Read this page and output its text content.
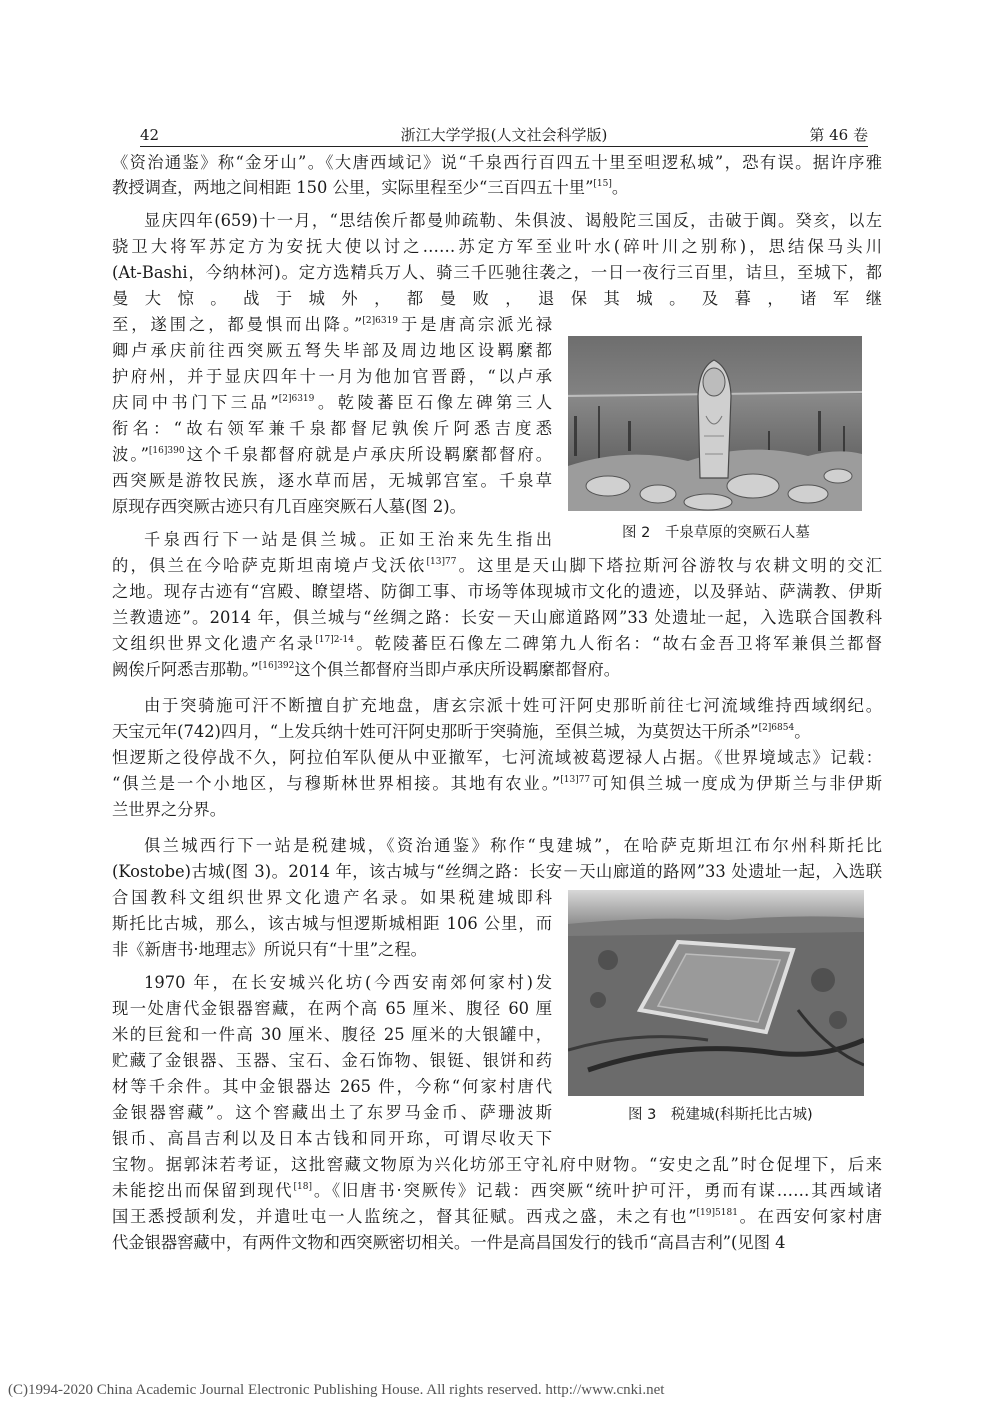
42	浙江大学学报(人文社会科学版)	第 46 卷
《资治通鉴》称“金牙山”。《大唐西域记》说“千泉西行百四五十里至呾逻私城”，恐有误。据许序雅
教授调查，两地之间相距 150 公里，实际里程至少“三百四五十里”[15]。
显庆四年(659)十一月，“思结俟斤都曼帅疏勒、朱俱波、谒般陀三国反，击破于阗。癸亥，以左
骁卫大将军苏定方为安抚大使以讨之……苏定方军至业叶水(碎叶川之别称)，思结保马头川
(At-Bashi，今纳林河)。定方选精兵万人、骑三千匹驰往袭之，一日一夜行三百里，诘旦，至城下，都
曼大惊。战于城外，都曼败，退保其城。及暮，诸军继
至，遂围之，都曼惧而出降。”$^{[2]6319}$于是唐高宗派光禄
卿卢承庆前往西突厥五弩失毕部及周边地区设羁縻都
护府州，并于显庆四年十一月为他加官晋爵，“以卢承
庆同中书门下三品”$^{[2]6319}$。乾陵蕃臣石像左碑第三人
衔名：“故右领军兼千泉都督尼孰俟斤阿悉吉度悉
波。”$^{[16]390}$这个千泉都督府就是卢承庆所设羁縻都督府。
西突厥是游牧民族，逐水草而居，无城郭宫室。千泉草
原现存西突厥古迹只有几百座突厥石人墓(图 2)。
千泉西行下一站是俱兰城。正如王治来先生指出
的，俱兰在今哈萨克斯坦南境卢戈沃依$^{[13]77}$。这里是天山脚下塔拉斯河谷游牧与农耕文明的交汇
之地。现存古迹有“宫殿、瞭望塔、防御工事、市场等体现城市文化的遗迹，以及驿站、萨满教、伊斯
兰教遗迹”。2014 年，俱兰城与“丝绸之路：长安－天山廊道路网”33 处遗址一起，入选联合国教科
文组织世界文化遗产名录$^{[17]2-14}$。乾陵蕃臣石像左二碑第九人衔名：“故右金吾卫将军兼俱兰都督
阙俟斤阿悉吉那勒。”$^{[16]392}$这个俱兰都督府当即卢承庆所设羁縻都督府。
由于突骑施可汗不断擅自扩充地盘，唐玄宗派十姓可汗阿史那昕前往七河流域维持西域纲纪。
天宝元年(742)四月，“上发兵纳十姓可汗阿史那昕于突骑施，至俱兰城，为莫贺达干所杀”$^{[2]6854}$。
怛逻斯之役停战不久，阿拉伯军队便从中亚撤军，七河流域被葛逻禄人占据。《世界境域志》记载：
“俱兰是一个小地区，与穆斯林世界相接。其地有农业。”$^{[13]77}$可知俱兰城一度成为伊斯兰与非伊斯
兰世界之分界。
俱兰城西行下一站是税建城，《资治通鉴》称作“曳建城”，在哈萨克斯坦江布尔州科斯托比
(Kostobe)古城(图 3)。2014 年，该古城与“丝绸之路：长安－天山廊道的路网”33 处遗址一起，入选联
合国教科文组织世界文化遗产名录。如果税建城即科
斯托比古城，那么，该古城与怛逻斯城相距 106 公里，而
非《新唐书·地理志》所说只有“十里”之程。
1970 年，在长安城兴化坊(今西安南郊何家村)发
现一处唐代金银器窖藏，在两个高 65 厘米、腹径 60 厘
米的巨瓮和一件高 30 厘米、腹径 25 厘米的大银罐中，
贮藏了金银器、玉器、宝石、金石饰物、银铤、银饼和药
材等千余件。其中金银器达 265 件，今称“何家村唐代
金银器窖藏”。这个窖藏出土了东罗马金币、萨珊波斯
银币、高昌吉利以及日本古钱和同开珎，可谓尽收天下
宝物。据郭沫若考证，这批窖藏文物原为兴化坊邠王守礼府中财物。“安史之乱”时仓促埋下，后来
未能挖出而保留到现代[18]。《旧唐书·突厥传》记载：西突厥“统叶护可汗，勇而有谋……其西域诸
国王悉授颉利发，并遣吐屯一人监统之，督其征赋。西戎之盛，未之有也”$^{[19]5181}$。在西安何家村唐
代金银器窖藏中，有两件文物和西突厥密切相关。一件是高昌国发行的钱币“高昌吉利”(见图 4
图 2　千泉草原的突厥石人墓
图 3　税建城(科斯托比古城)
(C)1994-2020 China Academic Journal Electronic Publishing House. All rights reserved. http://www.cnki.net
